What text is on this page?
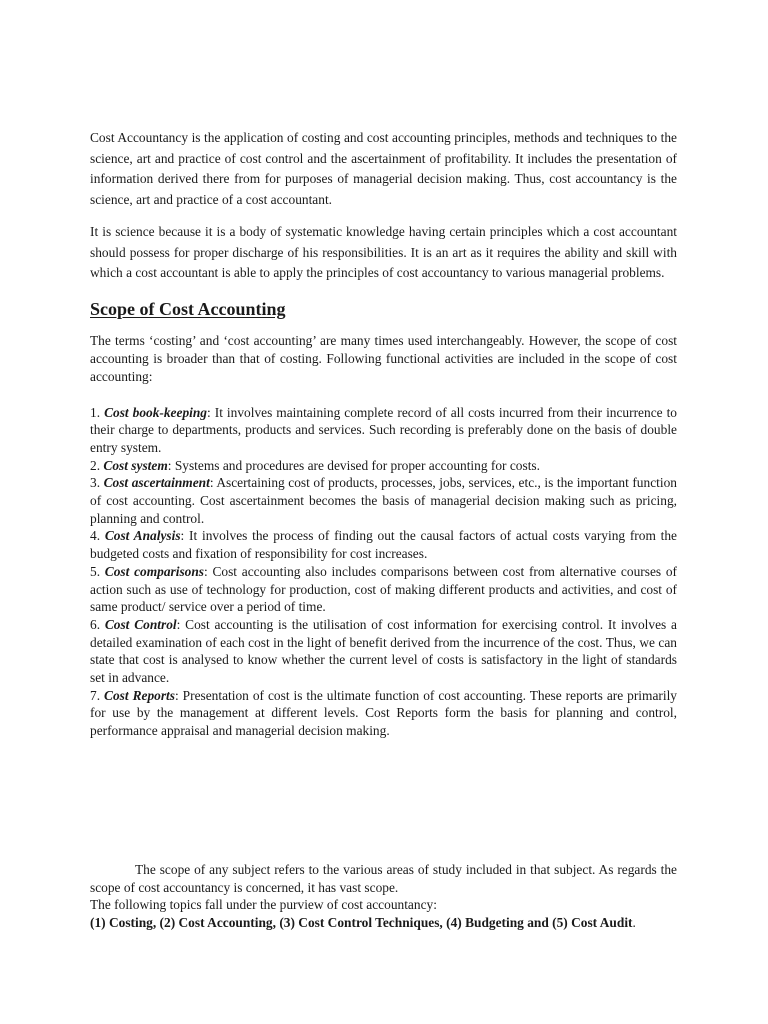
Cost Accountancy is the application of costing and cost accounting principles, methods and techniques to the science, art and practice of cost control and the ascertainment of profitability. It includes the presentation of information derived there from for purposes of managerial decision making. Thus, cost accountancy is the science, art and practice of a cost accountant.

It is science because it is a body of systematic knowledge having certain principles which a cost accountant should possess for proper discharge of his responsibilities. It is an art as it requires the ability and skill with which a cost accountant is able to apply the principles of cost accountancy to various managerial problems.

Scope of Cost Accounting

The terms ‘costing’ and ‘cost accounting’ are many times used interchangeably. However, the scope of cost accounting is broader than that of costing. Following functional activities are included in the scope of cost accounting:

1. Cost book-keeping: It involves maintaining complete record of all costs incurred from their incurrence to their charge to departments, products and services. Such recording is preferably done on the basis of double entry system.

2. Cost system: Systems and procedures are devised for proper accounting for costs.

3. Cost ascertainment: Ascertaining cost of products, processes, jobs, services, etc., is the important function of cost accounting. Cost ascertainment becomes the basis of managerial decision making such as pricing, planning and control.

4. Cost Analysis: It involves the process of finding out the causal factors of actual costs varying from the budgeted costs and fixation of responsibility for cost increases.

5. Cost comparisons: Cost accounting also includes comparisons between cost from alternative courses of action such as use of technology for production, cost of making different products and activities, and cost of same product/ service over a period of time.

6. Cost Control: Cost accounting is the utilisation of cost information for exercising control. It involves a detailed examination of each cost in the light of benefit derived from the incurrence of the cost. Thus, we can state that cost is analysed to know whether the current level of costs is satisfactory in the light of standards set in advance.

7. Cost Reports: Presentation of cost is the ultimate function of cost accounting. These reports are primarily for use by the management at different levels. Cost Reports form the basis for planning and control, performance appraisal and managerial decision making.

The scope of any subject refers to the various areas of study included in that subject. As regards the scope of cost accountancy is concerned, it has vast scope.

The following topics fall under the purview of cost accountancy:

(1) Costing, (2) Cost Accounting, (3) Cost Control Techniques, (4) Budgeting and (5) Cost Audit.
